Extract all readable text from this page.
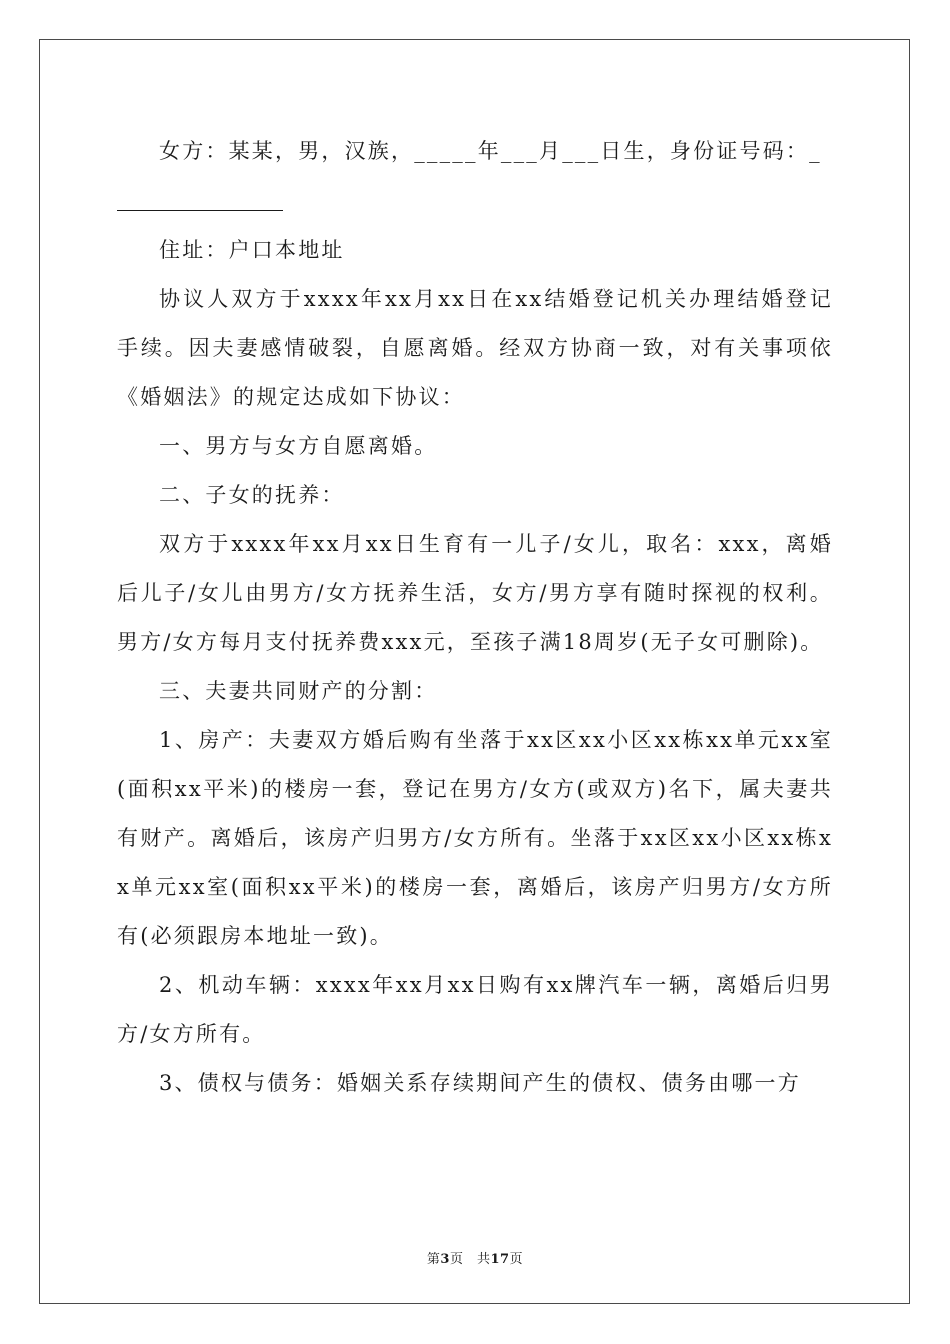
女方：某某，男，汉族，_____年___月___日生，身份证号码：_

住址：户口本地址

协议人双方于xxxx年xx月xx日在xx结婚登记机关办理结婚登记手续。因夫妻感情破裂，自愿离婚。经双方协商一致，对有关事项依《婚姻法》的规定达成如下协议：

一、男方与女方自愿离婚。

二、子女的抚养：

双方于xxxx年xx月xx日生育有一儿子/女儿，取名：xxx，离婚后儿子/女儿由男方/女方抚养生活，女方/男方享有随时探视的权利。男方/女方每月支付抚养费xxx元，至孩子满18周岁(无子女可删除)。

三、夫妻共同财产的分割：

1、房产：夫妻双方婚后购有坐落于xx区xx小区xx栋xx单元xx室(面积xx平米)的楼房一套，登记在男方/女方(或双方)名下，属夫妻共有财产。离婚后，该房产归男方/女方所有。坐落于xx区xx小区xx栋xx单元xx室(面积xx平米)的楼房一套，离婚后，该房产归男方/女方所有(必须跟房本地址一致)。

2、机动车辆：xxxx年xx月xx日购有xx牌汽车一辆，离婚后归男方/女方所有。

3、债权与债务：婚姻关系存续期间产生的债权、债务由哪一方

第3页　共17页
